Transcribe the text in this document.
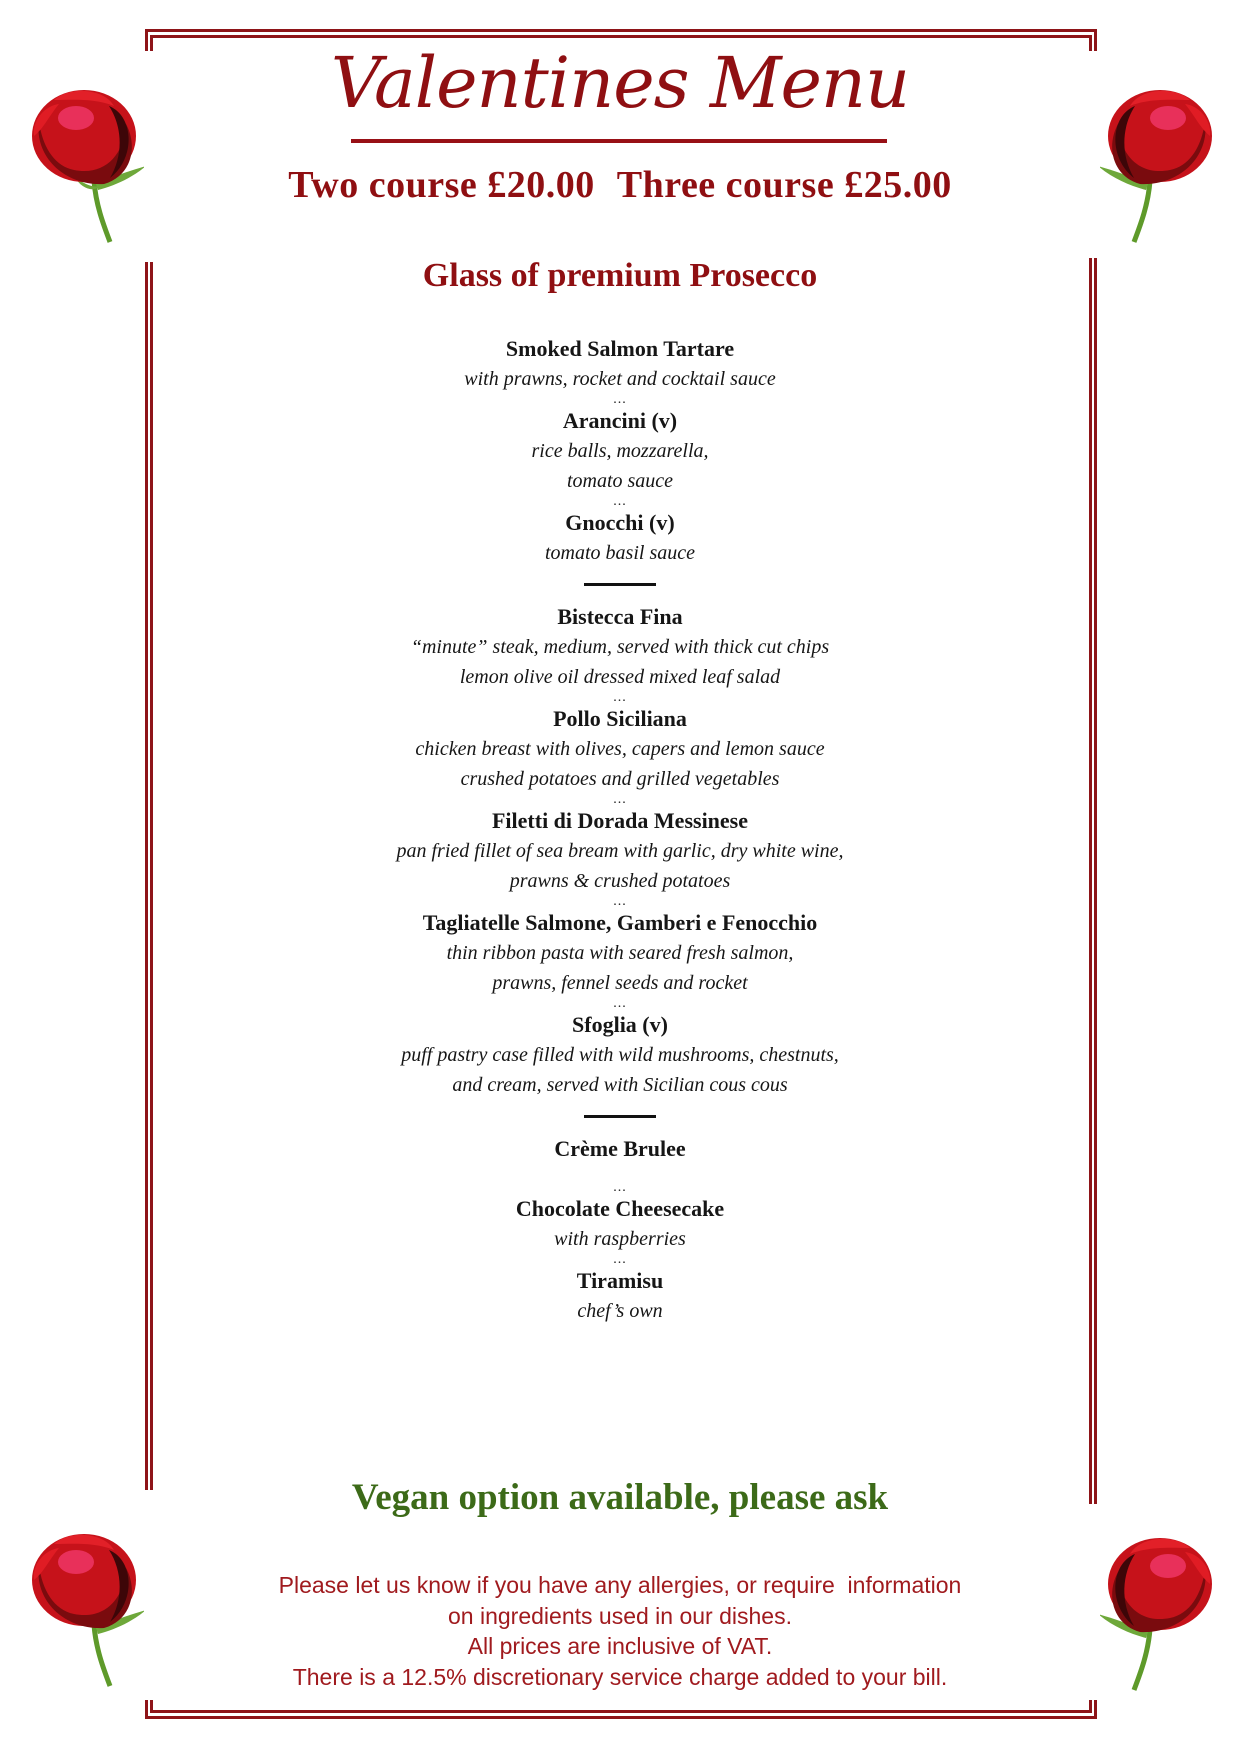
Valentines Menu
Two course £20.00 Three course £25.00
Glass of premium Prosecco
Smoked Salmon Tartare
with prawns, rocket and cocktail sauce
...
Arancini (v)
rice balls, mozzarella,
tomato sauce
...
Gnocchi (v)
tomato basil sauce
Bistecca Fina
“minute” steak, medium, served with thick cut chips
lemon olive oil dressed mixed leaf salad
...
Pollo Siciliana
chicken breast with olives, capers and lemon sauce
crushed potatoes and grilled vegetables
...
Filetti di Dorada Messinese
pan fried fillet of sea bream with garlic, dry white wine,
prawns & crushed potatoes
...
Tagliatelle Salmone, Gamberi e Fenocchio
thin ribbon pasta with seared fresh salmon,
prawns, fennel seeds and rocket
...
Sfoglia (v)
puff pastry case filled with wild mushrooms, chestnuts,
and cream, served with Sicilian cous cous
Crème Brulee
...
Chocolate Cheesecake
with raspberries
...
Tiramisu
chef’s own
Vegan option available, please ask
Please let us know if you have any allergies, or require  information
on ingredients used in our dishes.
All prices are inclusive of VAT.
There is a 12.5% discretionary service charge added to your bill.
